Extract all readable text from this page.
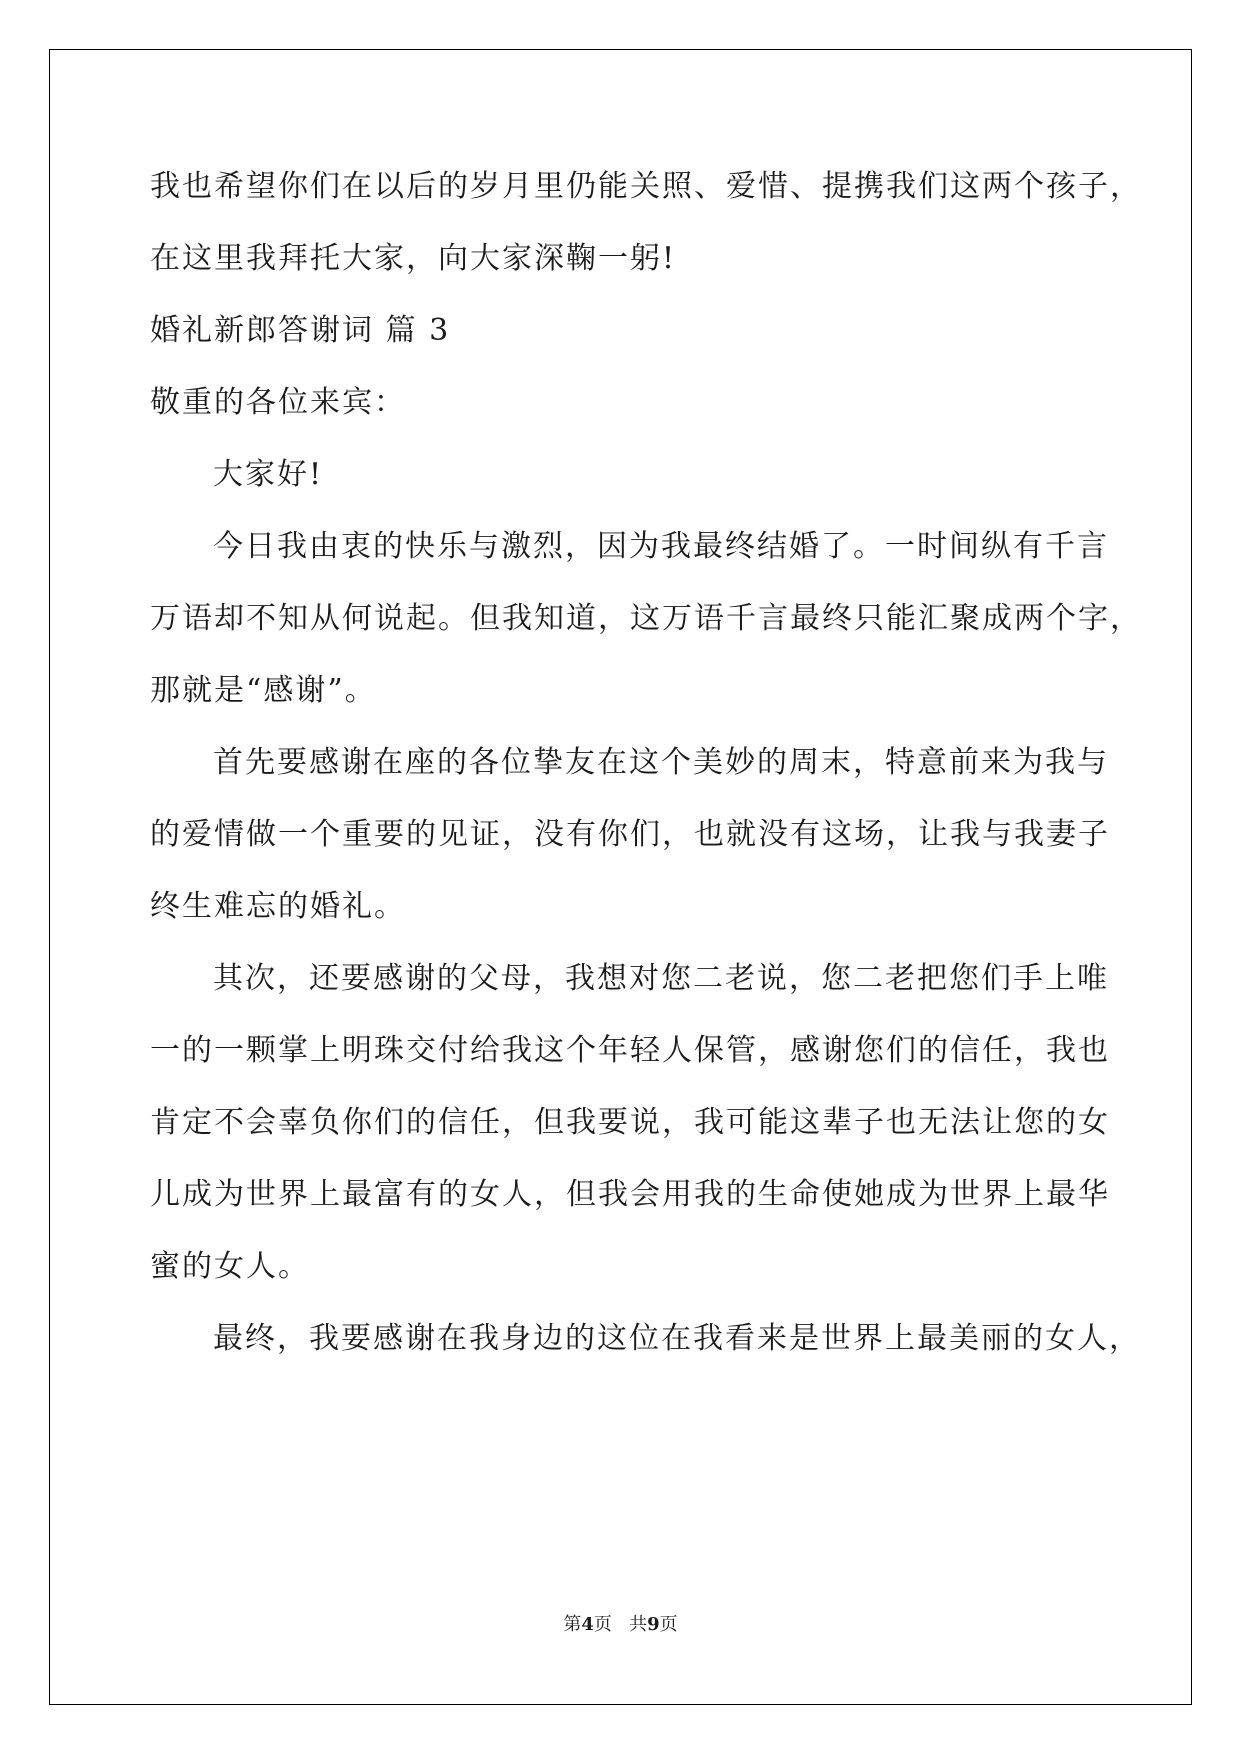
我也希望你们在以后的岁月里仍能关照、爱惜、提携我们这两个孩子，
在这里我拜托大家，向大家深鞠一躬!
婚礼新郎答谢词 篇 3
敬重的各位来宾：
大家好!
今日我由衷的快乐与激烈，因为我最终结婚了。一时间纵有千言
万语却不知从何说起。但我知道，这万语千言最终只能汇聚成两个字，
那就是“感谢”。
首先要感谢在座的各位挚友在这个美妙的周末，特意前来为我与
的爱情做一个重要的见证，没有你们，也就没有这场，让我与我妻子
终生难忘的婚礼。
其次，还要感谢的父母，我想对您二老说，您二老把您们手上唯
一的一颗掌上明珠交付给我这个年轻人保管，感谢您们的信任，我也
肯定不会辜负你们的信任，但我要说，我可能这辈子也无法让您的女
儿成为世界上最富有的女人，但我会用我的生命使她成为世界上最华
蜜的女人。
最终，我要感谢在我身边的这位在我看来是世界上最美丽的女人，
第4页 共9页
